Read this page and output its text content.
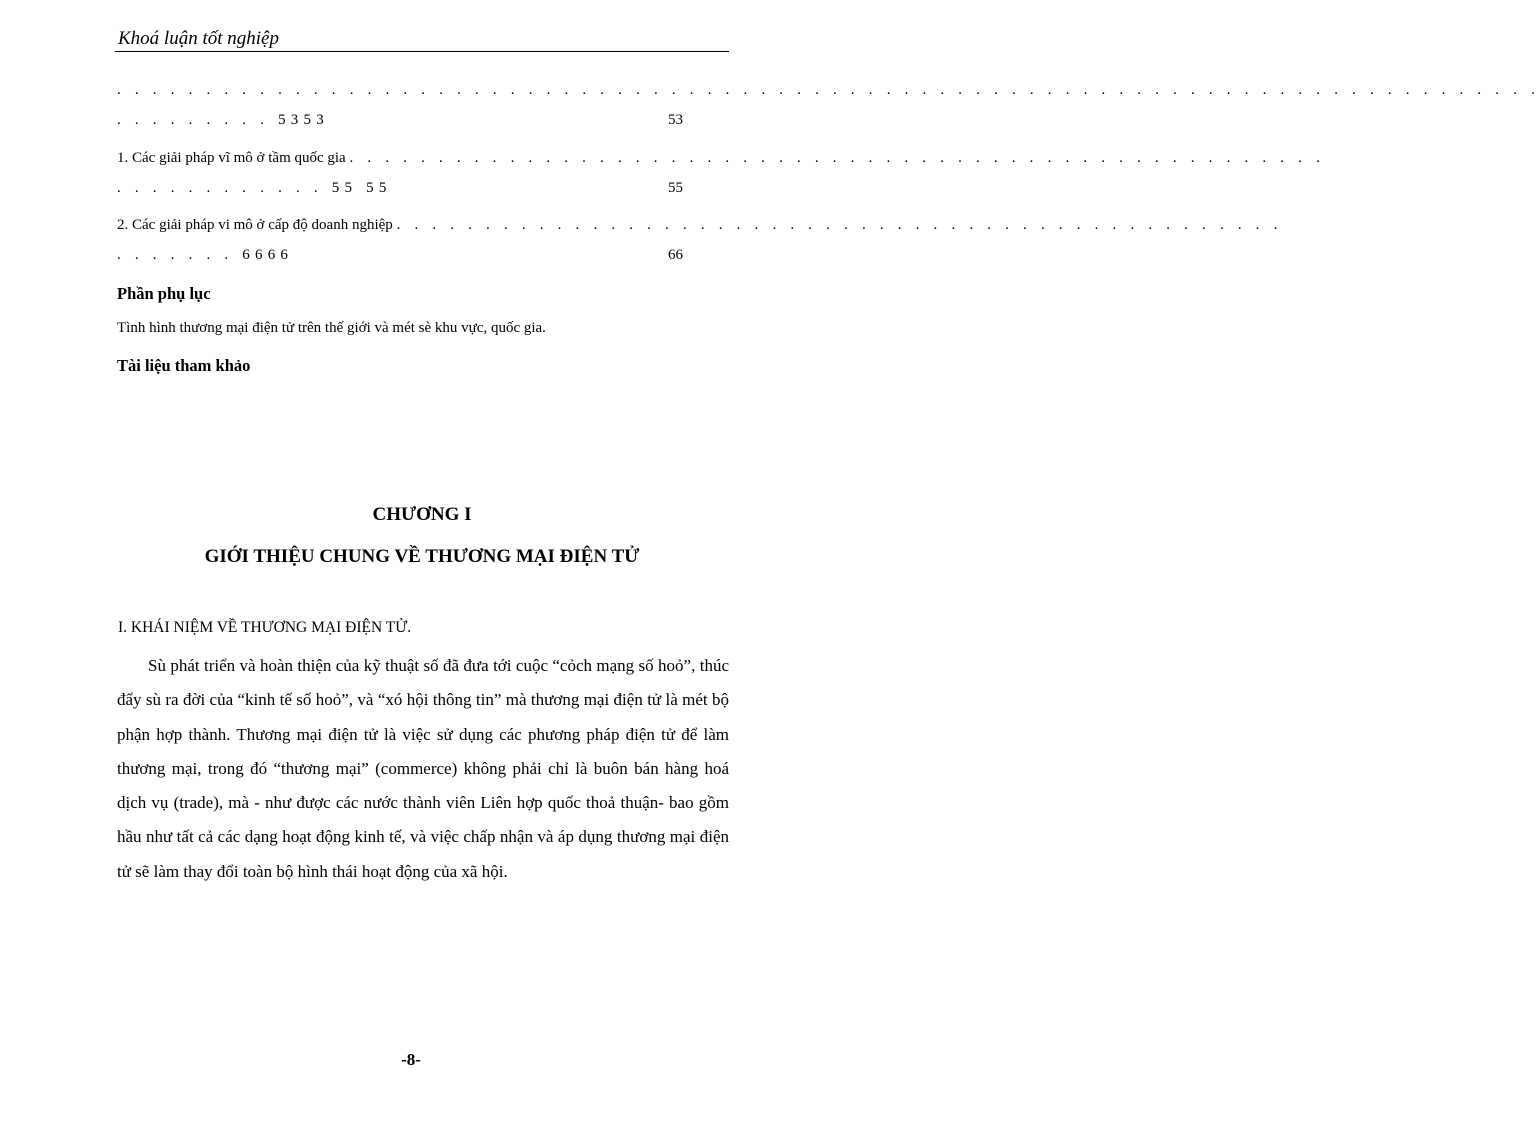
Khoá luận tốt nghiệp
. . . . . . . . . . . . . . . . . . . . . . . . . . . . . . . . . . . . . . . . . . . . . . . . . . . . . . . . . . . . . . . . . . . . . . . . . . . . . . . .
. . . . . . . . . 5353	53
1. Các giải pháp vĩ mô ở tầm quốc gia . . . . . . . . . . . . . . . . . . . . . . . . . . . . . . . . . . . . . . . . . . . . . . . . . . . . . . .
. . . . . . . . . . . . 55 55	55
2. Các giải pháp vi mô ở cấp độ doanh nghiệp . . . . . . . . . . . . . . . . . . . . . . . . . . . . . . . . . . . . . . . . . . . . . . . . . .
. . . . . . . 6666	66
Phần phụ lục
Tình hình thương mại điện tử trên thế giới và mét sè khu vực, quốc gia.
Tài liệu tham khảo
CHƯƠNG I
GIỚI THIỆU CHUNG VỀ THƯƠNG MẠI ĐIỆN TỬ
I. KHÁI NIỆM VỀ THƯƠNG MẠI ĐIỆN TỬ.
Sù phát triển và hoàn thiện của kỹ thuật số đã đưa tới cuộc “cỏch mạng số hoỏ”, thúc đẩy sù ra đời của “kinh tế số hoỏ”, và “xó hội thông tin” mà thương mại điện tử là mét bộ phận hợp thành. Thương mại điện tử là việc sử dụng các phương pháp điện tử để làm thương mại, trong đó “thương mại” (commerce) không phải chỉ là buôn bán hàng hoá dịch vụ (trade), mà - như được các nước thành viên Liên hợp quốc thoả thuận- bao gồm hầu như tất cả các dạng hoạt động kinh tế, và việc chấp nhận và áp dụng thương mại điện tử sẽ làm thay đổi toàn bộ hình thái hoạt động của xã hội.
-8-
